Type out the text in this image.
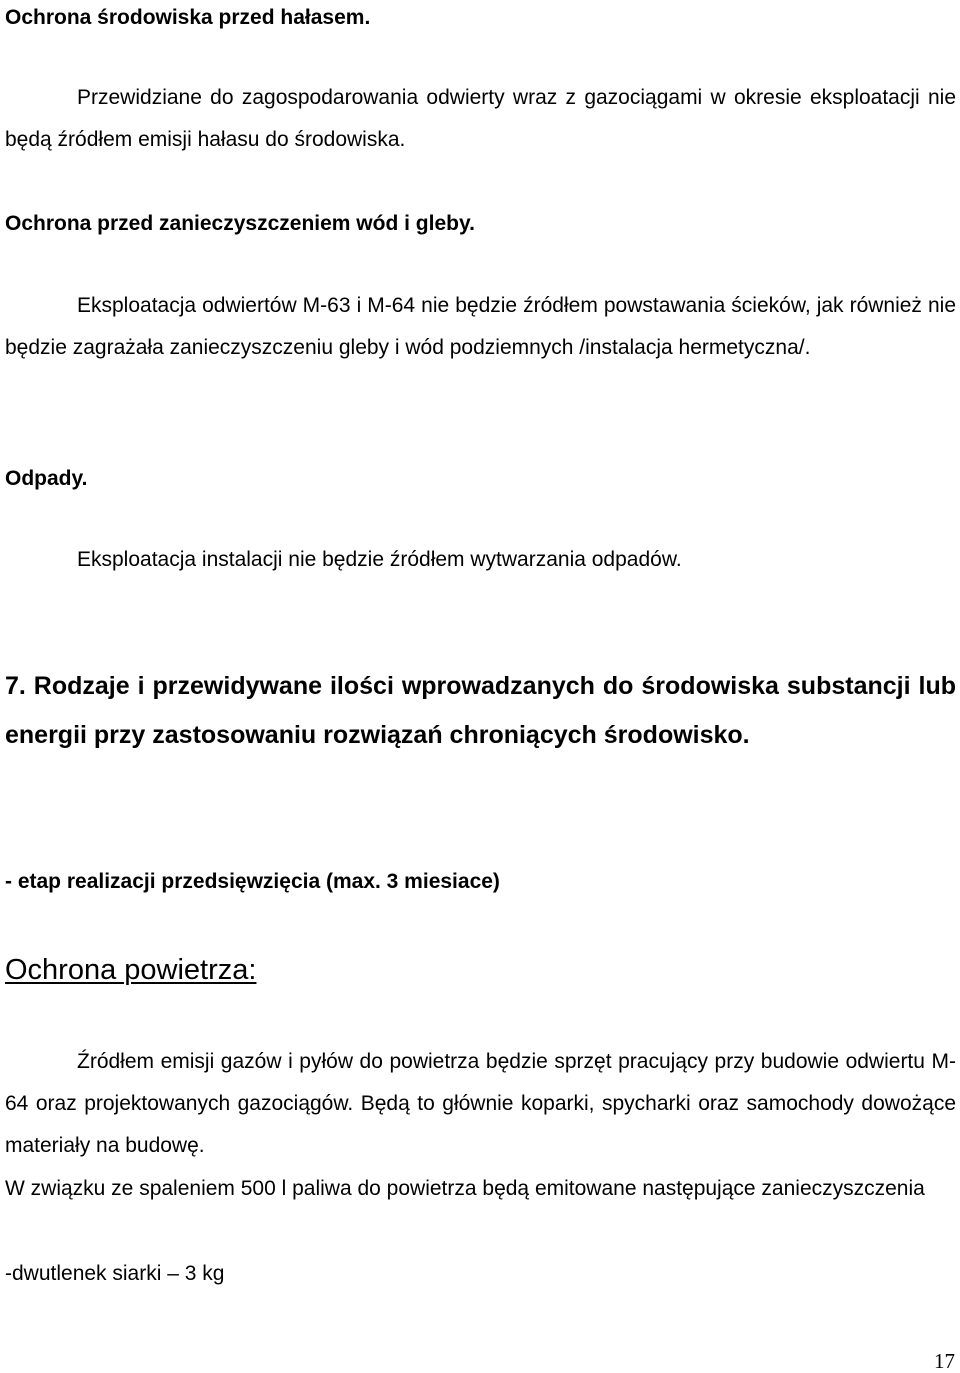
Ochrona środowiska przed hałasem.

Przewidziane do zagospodarowania odwierty wraz z gazociągami w okresie eksploatacji nie będą źródłem emisji hałasu do środowiska.

Ochrona przed zanieczyszczeniem wód i gleby.

Eksploatacja odwiertów M-63 i M-64 nie będzie źródłem powstawania ścieków, jak również nie będzie zagrażała zanieczyszczeniu gleby i wód podziemnych /instalacja hermetyczna/.

Odpady.

Eksploatacja instalacji nie będzie źródłem wytwarzania odpadów.

7. Rodzaje i przewidywane ilości wprowadzanych do środowiska substancji lub energii przy zastosowaniu rozwiązań chroniących środowisko.

- etap realizacji przedsięwzięcia (max. 3 miesiace)

Ochrona powietrza:

Źródłem emisji gazów i pyłów do powietrza będzie sprzęt pracujący przy budowie odwiertu M-64 oraz projektowanych gazociągów. Będą to głównie koparki, spycharki oraz samochody dowożące materiały na budowę.

W związku ze spaleniem 500 l paliwa do powietrza będą emitowane następujące zanieczyszczenia

-dwutlenek siarki – 3 kg

17
